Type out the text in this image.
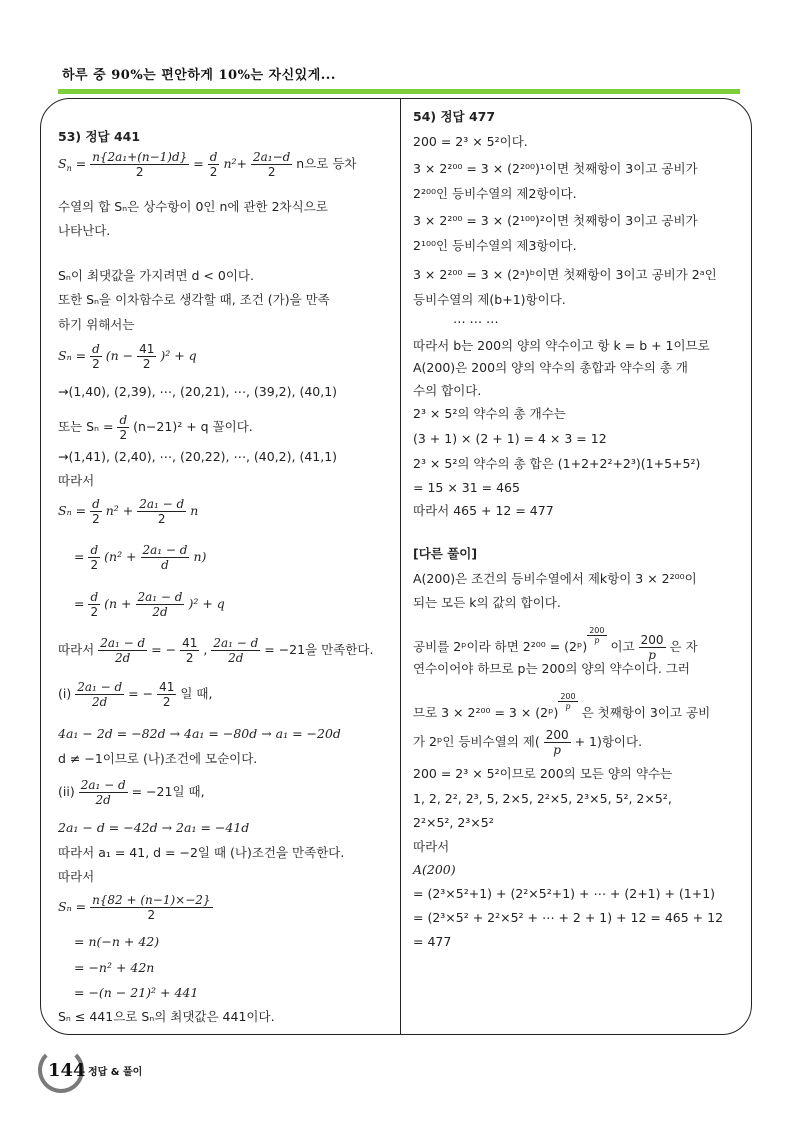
하루 중 90%는 편안하게 10%는 자신있게...
53) 정답 441
$S_n = \frac{\text{n\{2a₁+(n−1)d\}}}{2} = \frac{d}{2} n^2+ \frac{\text{2a₁−d}}{2}$ n으로 등차
수열의 합 Sₙ은 상수항이 0인 n에 관한 2차식으로
나타난다.
Sₙ이 최댓값을 가지려면 d < 0이다.
또한 Sₙ을 이차함수로 생각할 때, 조건 (가)을 만족
하기 위해서는
$S_n = \frac{d}{2} (n - \frac{41}{2} )^2 + q$
→(1,40), (2,39), ⋯, (20,21), ⋯, (39,2), (40,1)
또는 $S_n = \frac{d}{2} (n-21)^2 + q$ 꼴이다.
→(1,41), (2,40), ⋯, (20,22), ⋯, (40,2), (41,1)
따라서
$S_n = \frac{d}{2} n^2 + \frac{\text{2a₁ − d}}{2}$ n
= $\frac{d}{2} (n^2 + \frac{\text{2a₁ − d}}{d} n)$
= $\frac{d}{2} (n + \frac{\text{2a₁ − d}}{2d} )^2 + q$
따라서 $\frac{\text{2a₁ − d}}{2d}$ = − $\frac{41}{2}$ , $\frac{\text{2a₁ − d}}{2d} = -21$을 만족한다.
$(i) \frac{\text{2a₁ − d}}{2d}$ = − $\frac{41}{2}$ 일 때,
4a₁ − 2d = −82d → 4a₁ = −80d → a₁ = −20d
d ≠ −1이므로 (나)조건에 모순이다.
$(ii) \frac{\text{2a₁ − d}}{2d} = -21$일 때,
2a₁ − d = −42d → 2a₁ = −41d
따라서 a₁ = 41, d = −2일 때 (나)조건을 만족한다.
따라서
$S_n = \frac{n\{82 + (n-1)\times-2\}}{2}$
= n(−n + 42)
= −n² + 42n
= −(n − 21)² + 441
Sₙ ≤ 441으로 Sₙ의 최댓값은 441이다.
54) 정답 477
200 = 2³ × 5²이다.
3 × 2²⁰⁰ = 3 × (2²⁰⁰)¹이면 첫째항이 3이고 공비가
2²⁰⁰인 등비수열의 제2항이다.
3 × 2²⁰⁰ = 3 × (2¹⁰⁰)²이면 첫째항이 3이고 공비가
2¹⁰⁰인 등비수열의 제3항이다.
3 × 2²⁰⁰ = 3 × (2ᵃ)ᵇ이면 첫째항이 3이고 공비가 2ᵃ인
등비수열의 제(b+1)항이다.
⋯ ⋯ ⋯
따라서 b는 200의 양의 약수이고 항 k = b + 1이므로
A(200)은 200의 양의 약수의 총합과 약수의 총 개
수의 합이다.
2³ × 5²의 약수의 총 개수는
(3 + 1) × (2 + 1) = 4 × 3 = 12
2³ × 5²의 약수의 총 합은 (1+2+2²+2³)(1+5+5²)
= 15 × 31 = 465
따라서 465 + 12 = 477
[다른 풀이]
A(200)은 조건의 등비수열에서 제k항이 3 × 2²⁰⁰이
되는 모든 k의 값의 합이다.
공비를 2ᵖ이라 하면 2²⁰⁰ = (2ᵖ)
$\frac{200}{p}$
이고 $\frac{200}{p}$ 은 자
연수이어야 하므로 p는 200의 양의 약수이다. 그러
므로 3 × 2²⁰⁰ = 3 × (2ᵖ)
$\frac{200}{p}$
은 첫째항이 3이고 공비
가 2ᵖ인 등비수열의 제( $\frac{200}{p} + 1$)항이다.
200 = 2³ × 5²이므로 200의 모든 양의 약수는
1, 2, 2², 2³, 5, 2×5, 2²×5, 2³×5, 5², 2×5²,
2²×5², 2³×5²
따라서
A(200)
= (2³×5²+1) + (2²×5²+1) + ⋯ + (2+1) + (1+1)
= (2³×5² + 2²×5² + ⋯ + 2 + 1) + 12 = 465 + 12
= 477
144 정답 & 풀이
